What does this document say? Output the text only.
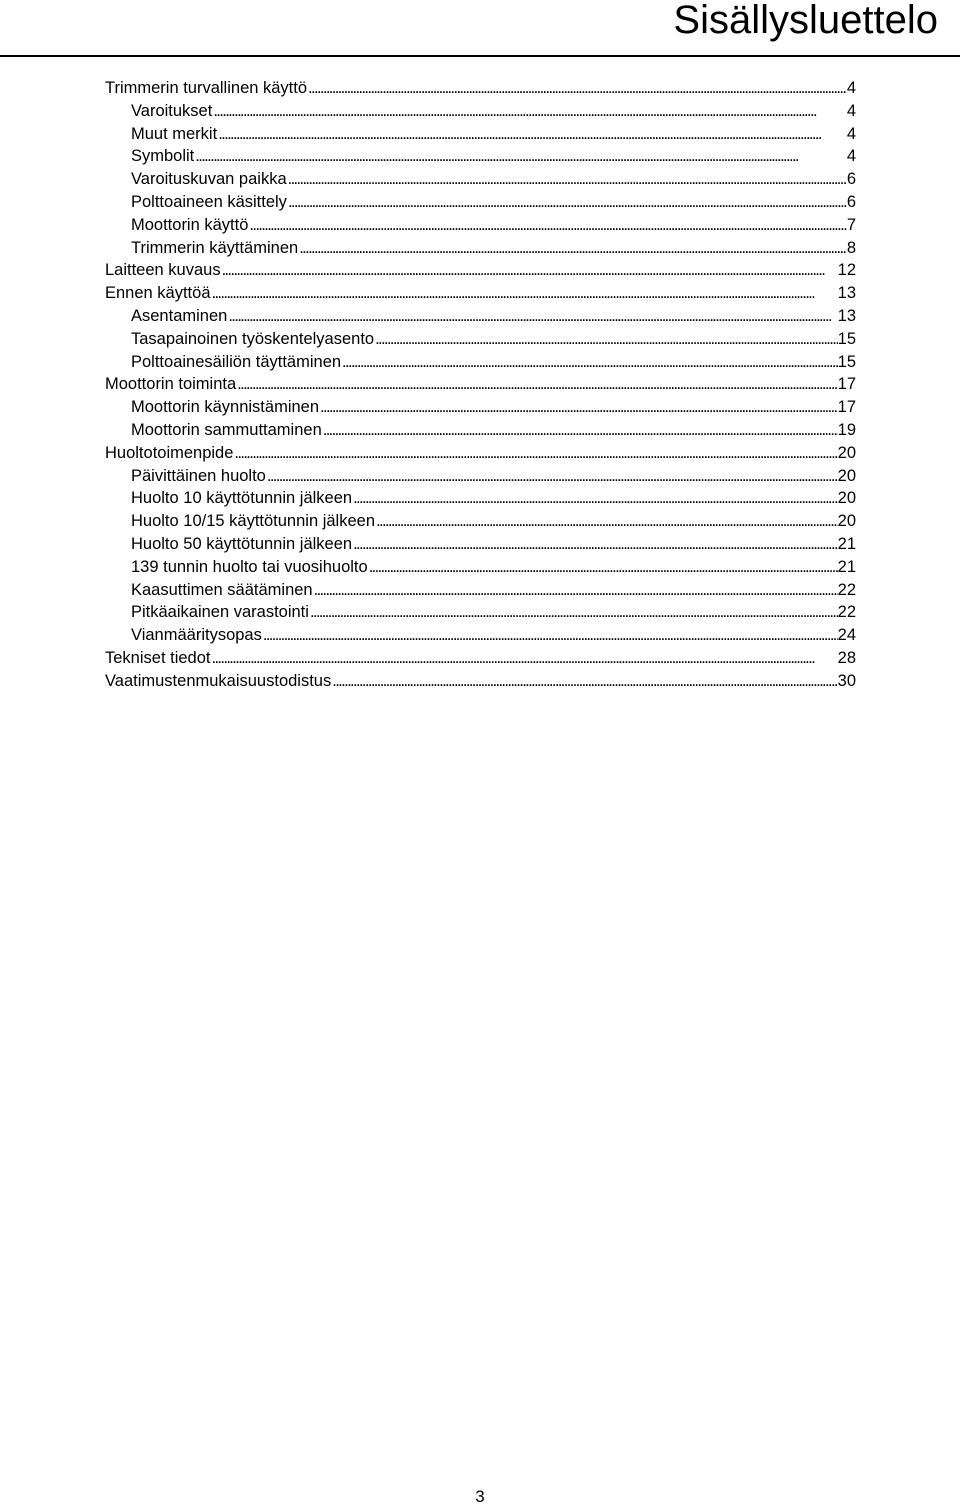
Sisällysluettelo
Trimmerin turvallinen käyttö . . .	4
Varoitukset . . .	4
Muut merkit . . .	4
Symbolit . . .	4
Varoituskuvan paikka . . .	6
Polttoaineen käsittely . . .	6
Moottorin käyttö . . .	7
Trimmerin käyttäminen . . .	8
Laitteen kuvaus . . .	12
Ennen käyttöä . . .	13
Asentaminen . . .	13
Tasapainoinen työskentelyasento . . .	15
Polttoainesäiliön täyttäminen . . .	15
Moottorin toiminta . . .	17
Moottorin käynnistäminen . . .	17
Moottorin sammuttaminen . . .	19
Huoltotoimenpide . . .	20
Päivittäinen huolto . . .	20
Huolto 10 käyttötunnin jälkeen . . .	20
Huolto 10/15 käyttötunnin jälkeen . . .	20
Huolto 50 käyttötunnin jälkeen . . .	21
139 tunnin huolto tai vuosihuolto . . .	21
Kaasuttimen säätäminen . . .	22
Pitkäaikainen varastointi . . .	22
Vianmääritysopas . . .	24
Tekniset tiedot . . .	28
Vaatimustenmukaisuustodistus . . .	30
3
